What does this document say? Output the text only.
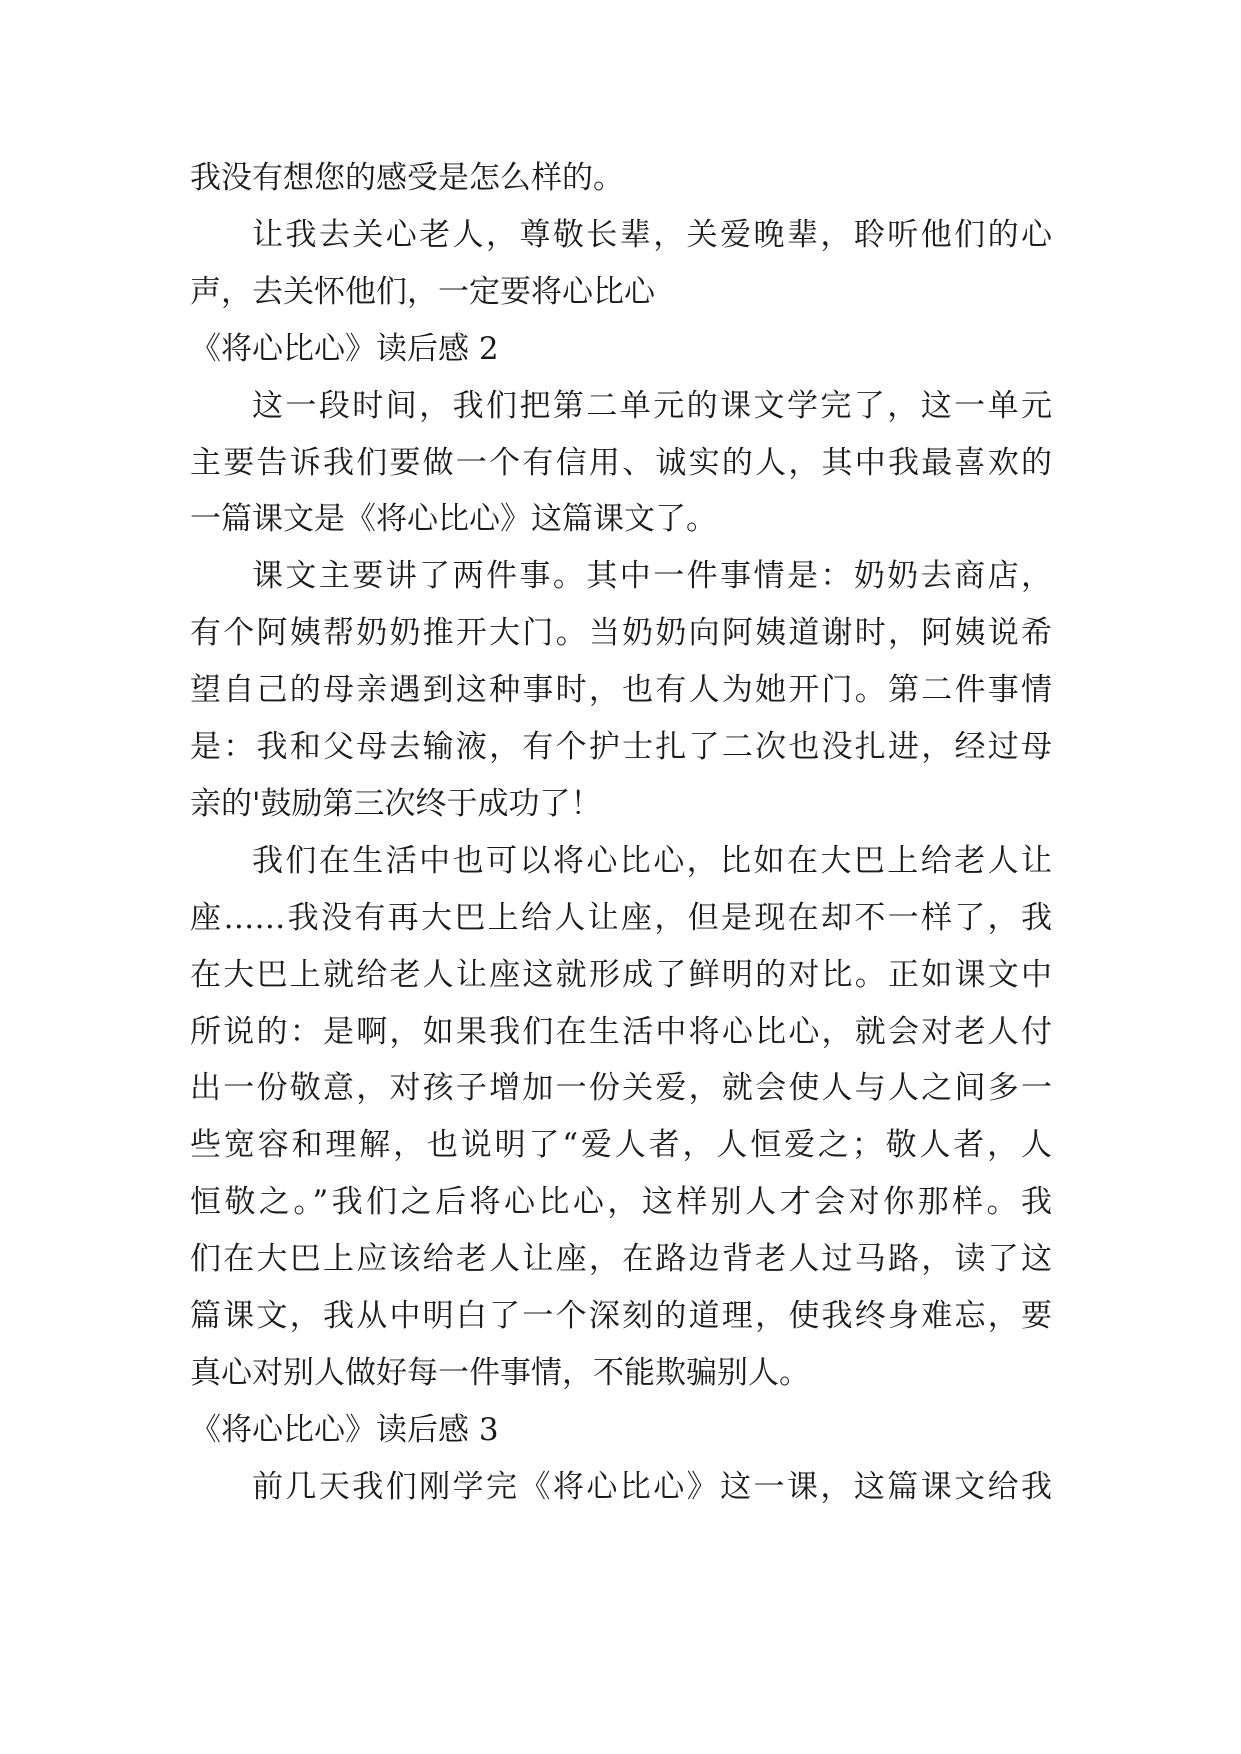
我没有想您的感受是怎么样的。
让我去关心老人，尊敬长辈，关爱晚辈，聆听他们的心
声，去关怀他们，一定要将心比心
《将心比心》读后感 2
这一段时间，我们把第二单元的课文学完了，这一单元
主要告诉我们要做一个有信用、诚实的人，其中我最喜欢的
一篇课文是《将心比心》这篇课文了。
课文主要讲了两件事。其中一件事情是：奶奶去商店，
有个阿姨帮奶奶推开大门。当奶奶向阿姨道谢时，阿姨说希
望自己的母亲遇到这种事时，也有人为她开门。第二件事情
是：我和父母去输液，有个护士扎了二次也没扎进，经过母
亲的'鼓励第三次终于成功了！
我们在生活中也可以将心比心，比如在大巴上给老人让
座……我没有再大巴上给人让座，但是现在却不一样了，我
在大巴上就给老人让座这就形成了鲜明的对比。正如课文中
所说的：是啊，如果我们在生活中将心比心，就会对老人付
出一份敬意，对孩子增加一份关爱，就会使人与人之间多一
些宽容和理解，也说明了“爱人者，人恒爱之；敬人者，人
恒敬之。”我们之后将心比心，这样别人才会对你那样。我
们在大巴上应该给老人让座，在路边背老人过马路，读了这
篇课文，我从中明白了一个深刻的道理，使我终身难忘，要
真心对别人做好每一件事情，不能欺骗别人。
《将心比心》读后感 3
前几天我们刚学完《将心比心》这一课，这篇课文给我
